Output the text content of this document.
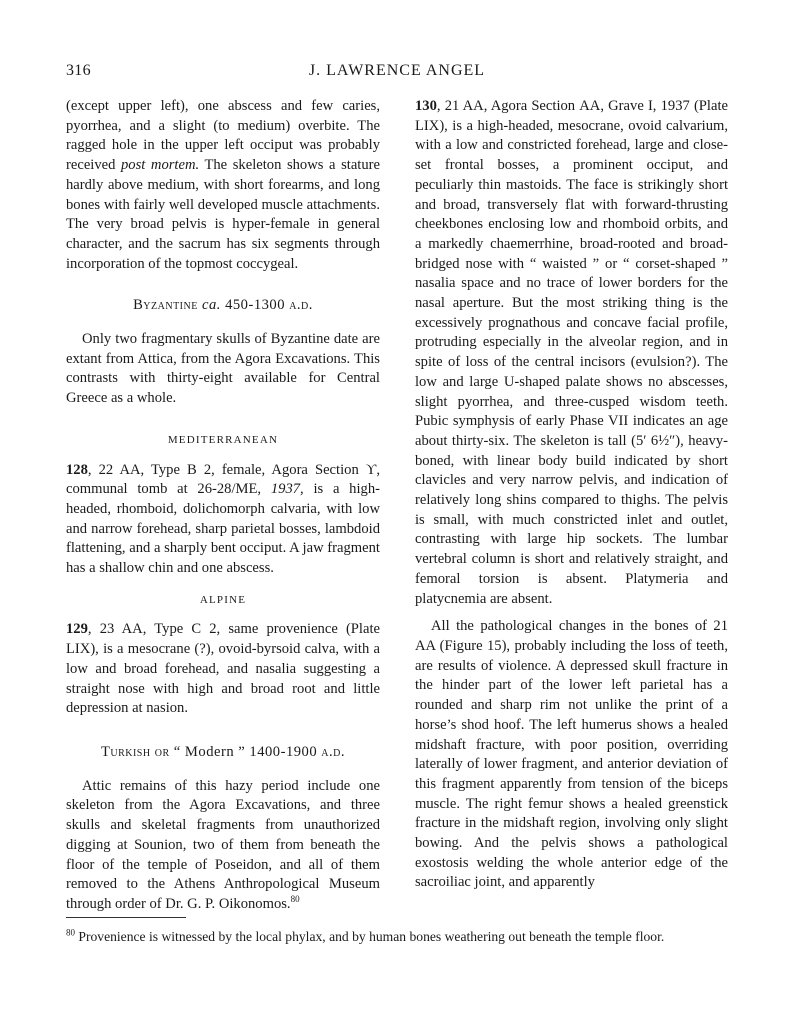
316	J. LAWRENCE ANGEL

(except upper left), one abscess and few caries, pyorrhea, and a slight (to medium) overbite. The ragged hole in the upper left occiput was probably received post mortem. The skeleton shows a stature hardly above medium, with short forearms, and long bones with fairly well developed muscle attachments. The very broad pelvis is hyper-female in general character, and the sacrum has six segments through incorporation of the topmost coccygeal.

Byzantine ca. 450-1300 a.d.

Only two fragmentary skulls of Byzantine date are extant from Attica, from the Agora Excavations. This contrasts with thirty-eight available for Central Greece as a whole.

MEDITERRANEAN

128, 22 AA, Type B 2, female, Agora Section ϒ, communal tomb at 26-28/ME, 1937, is a high-headed, rhomboid, dolichomorph calvaria, with low and narrow forehead, sharp parietal bosses, lambdoid flattening, and a sharply bent occiput. A jaw fragment has a shallow chin and one abscess.

ALPINE

129, 23 AA, Type C 2, same provenience (Plate LIX), is a mesocrane (?), ovoid-byrsoid calva, with a low and broad forehead, and nasalia suggesting a straight nose with high and broad root and little depression at nasion.

Turkish or “ Modern ” 1400-1900 a.d.

Attic remains of this hazy period include one skeleton from the Agora Excavations, and three skulls and skeletal fragments from unauthorized digging at Sounion, two of them from beneath the floor of the temple of Poseidon, and all of them removed to the Athens Anthropological Museum through order of Dr. G. P. Oikonomos.$^{80}$

130, 21 AA, Agora Section AA, Grave I, 1937 (Plate LIX), is a high-headed, mesocrane, ovoid calvarium, with a low and constricted forehead, large and close-set frontal bosses, a prominent occiput, and peculiarly thin mastoids. The face is strikingly short and broad, transversely flat with forward-thrusting cheekbones enclosing low and rhomboid orbits, and a markedly chaemerrhine, broad-rooted and broad-bridged nose with “ waisted ” or “ corset-shaped ” nasalia space and no trace of lower borders for the nasal aperture. But the most striking thing is the excessively prognathous and concave facial profile, protruding especially in the alveolar region, and in spite of loss of the central incisors (evulsion?). The low and large U-shaped palate shows no abscesses, slight pyorrhea, and three-cusped wisdom teeth. Pubic symphysis of early Phase VII indicates an age about thirty-six. The skeleton is tall (5′ 6½″), heavy-boned, with linear body build indicated by short clavicles and very narrow pelvis, and indication of relatively long shins compared to thighs. The pelvis is small, with much constricted inlet and outlet, contrasting with large hip sockets. The lumbar vertebral column is short and relatively straight, and femoral torsion is absent. Platymeria and platycnemia are absent.

All the pathological changes in the bones of 21 AA (Figure 15), probably including the loss of teeth, are results of violence. A depressed skull fracture in the hinder part of the lower left parietal has a rounded and sharp rim not unlike the print of a horse’s shod hoof. The left humerus shows a healed midshaft fracture, with poor position, overriding laterally of lower fragment, and anterior deviation of this fragment apparently from tension of the biceps muscle. The right femur shows a healed greenstick fracture in the midshaft region, involving only slight bowing. And the pelvis shows a pathological exostosis welding the whole anterior edge of the sacroiliac joint, and apparently

$^{80}$ Provenience is witnessed by the local phylax, and by human bones weathering out beneath the temple floor.
